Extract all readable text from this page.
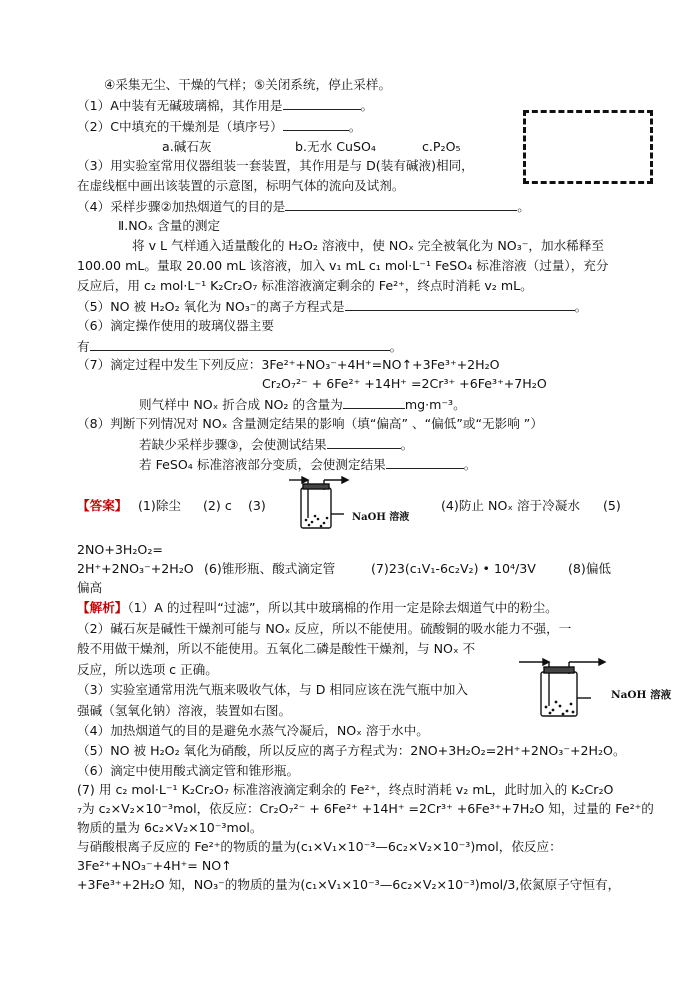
④采集无尘、干燥的气样；⑤关闭系统，停止采样。
（1）A中装有无碱玻璃棉，其作用是	。
（2）C中填充的干燥剂是（填序号）	。
a.碱石灰	b.无水 CuSO₄	c.P₂O₅
（3）用实验室常用仪器组装一套装置，其作用是与 D(装有碱液)相同，
在虚线框中画出该装置的示意图，标明气体的流向及试剂。
（4）采样步骤②加热烟道气的目的是	。
Ⅱ.NOₓ 含量的测定
将 v L 气样通入适量酸化的 H₂O₂ 溶液中，使 NOₓ 完全被氧化为 NO₃⁻，加水稀释至
100.00 mL。量取 20.00 mL 该溶液，加入 v₁ mL c₁ mol·L⁻¹ FeSO₄ 标准溶液（过量），充分
反应后，用 c₂ mol·L⁻¹ K₂Cr₂O₇ 标准溶液滴定剩余的 Fe²⁺，终点时消耗 v₂ mL。
（5）NO 被 H₂O₂ 氧化为 NO₃⁻的离子方程式是	。
（6）滴定操作使用的玻璃仪器主要
有	。
（7）滴定过程中发生下列反应：3Fe²⁺+NO₃⁻+4H⁺=NO↑+3Fe³⁺+2H₂O
Cr₂O₇²⁻ + 6Fe²⁺ +14H⁺ =2Cr³⁺ +6Fe³⁺+7H₂O
则气样中 NOₓ 折合成 NO₂ 的含量为	mg·m⁻³。
（8）判断下列情况对 NOₓ 含量测定结果的影响（填“偏高” 、“偏低”或“无影响 ”）
若缺少采样步骤③，会使测试结果	。
若 FeSO₄ 标准溶液部分变质，会使测定结果	。
【答案】 (1)除尘 (2) c (3)
NaOH 溶液
(4)防止 NOₓ 溶于冷凝水 (5)
2NO+3H₂O₂=
2H⁺+2NO₃⁻+2H₂O (6)锥形瓶、酸式滴定管	(7)23(c₁V₁-6c₂V₂) • 10⁴/3V	(8)偏低
偏高
【解析】（1）A 的过程叫“过滤”，所以其中玻璃棉的作用一定是除去烟道气中的粉尘。
（2）碱石灰是碱性干燥剂可能与 NOₓ 反应，所以不能使用。硫酸铜的吸水能力不强，一
般不用做干燥剂，所以不能使用。五氧化二磷是酸性干燥剂，与 NOₓ 不
反应，所以选项 c 正确。
（3）实验室通常用洗气瓶来吸收气体，与 D 相同应该在洗气瓶中加入
强碱（氢氧化钠）溶液，装置如右图。
NaOH 溶液
（4）加热烟道气的目的是避免水蒸气冷凝后，NOₓ 溶于水中。
（5）NO 被 H₂O₂ 氧化为硝酸，所以反应的离子方程式为：2NO+3H₂O₂=2H⁺+2NO₃⁻+2H₂O。
（6）滴定中使用酸式滴定管和锥形瓶。
(7) 用 c₂ mol·L⁻¹ K₂Cr₂O₇ 标准溶液滴定剩余的 Fe²⁺，终点时消耗 v₂ mL，此时加入的 K₂Cr₂O
₇为 c₂×V₂×10⁻³mol，依反应：Cr₂O₇²⁻ + 6Fe²⁺ +14H⁺ =2Cr³⁺ +6Fe³⁺+7H₂O 知，过量的 Fe²⁺的
物质的量为 6c₂×V₂×10⁻³mol。
与硝酸根离子反应的 Fe²⁺的物质的量为(c₁×V₁×10⁻³—6c₂×V₂×10⁻³)mol，依反应：
3Fe²⁺+NO₃⁻+4H⁺= NO↑
+3Fe³⁺+2H₂O 知，NO₃⁻的物质的量为(c₁×V₁×10⁻³—6c₂×V₂×10⁻³)mol/3,依氮原子守恒有，
